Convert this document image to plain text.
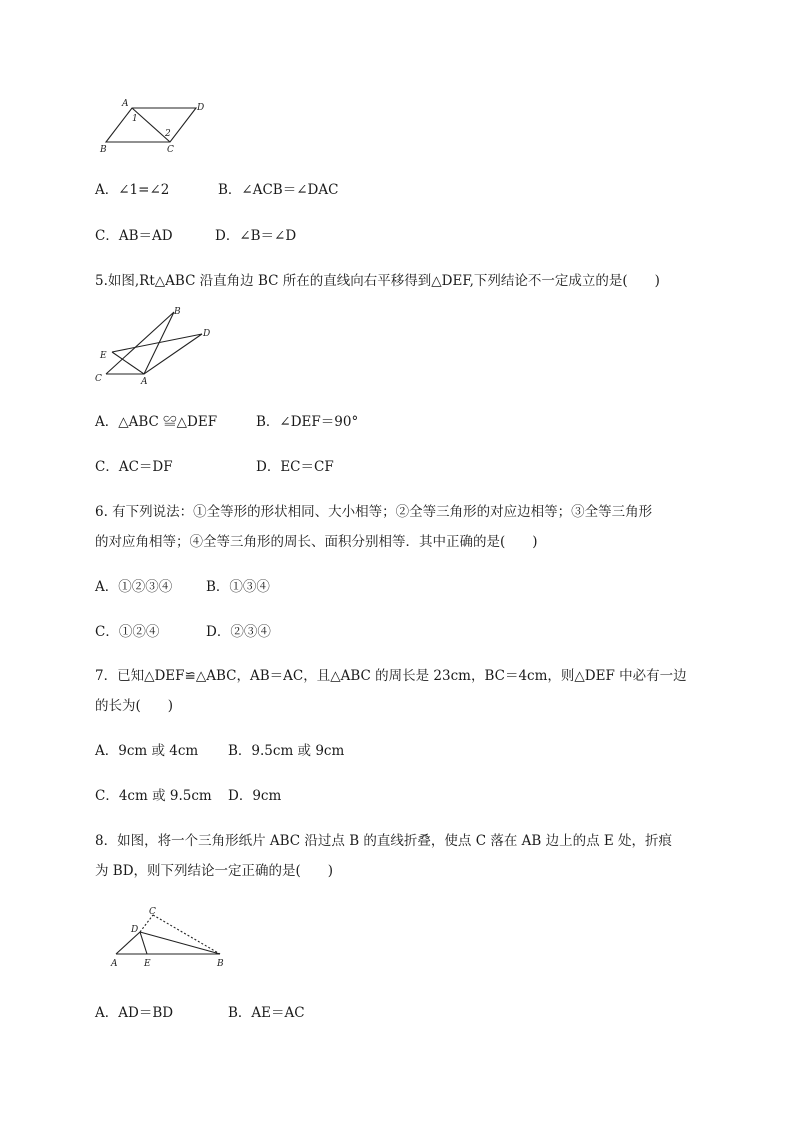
A	D
B	C
1
2
A．∠1=∠2	B．∠ACB＝∠DAC
C．AB＝AD	D．∠B＝∠D
5.如图,Rt△ABC 沿直角边 BC 所在的直线向右平移得到△DEF,下列结论不一定成立的是(　　)
B
D
E
C	A
A．△ABC ≌△DEF	B．∠DEF＝90°
C．AC＝DF	D．EC＝CF
6. 有下列说法：①全等形的形状相同、大小相等；②全等三角形的对应边相等；③全等三角形
的对应角相等；④全等三角形的周长、面积分别相等．其中正确的是(　　)
A．①②③④	B．①③④
C．①②④	D．②③④
7．已知△DEF≌△ABC，AB＝AC，且△ABC 的周长是 23cm，BC＝4cm，则△DEF 中必有一边
的长为(　　)
A．9cm 或 4cm B．9.5cm 或 9cm
C．4cm 或 9.5cm D．9cm
8．如图，将一个三角形纸片 ABC 沿过点 B 的直线折叠，使点 C 落在 AB 边上的点 E 处，折痕
为 BD，则下列结论一定正确的是(　　)
C
D
A	E	B
A．AD＝BD	B．AE＝AC
